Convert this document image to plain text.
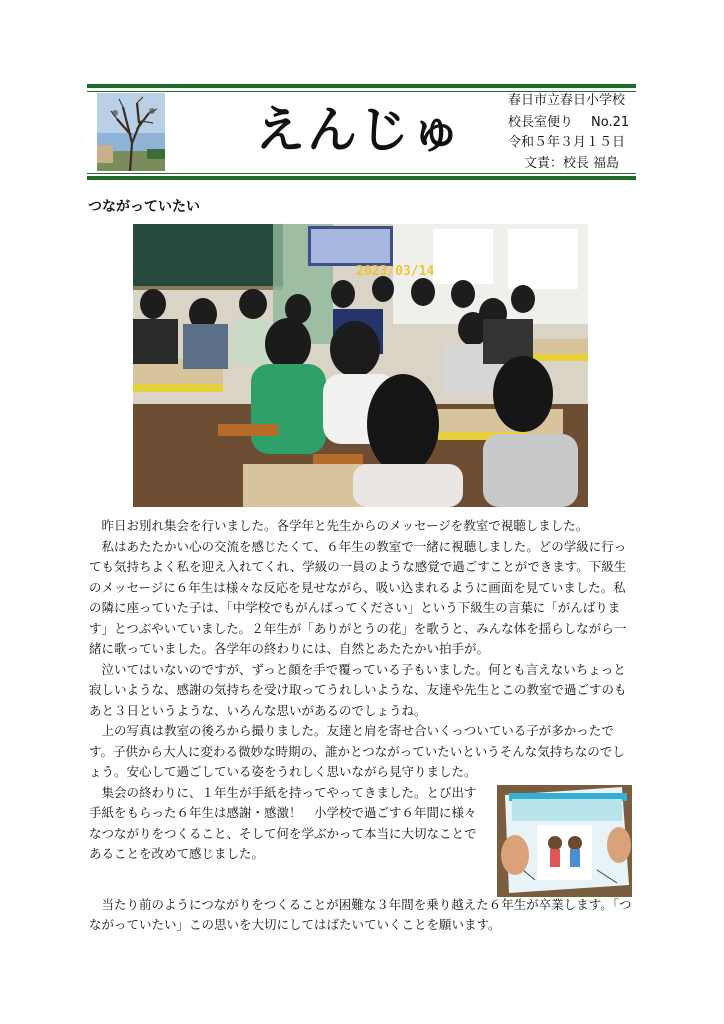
えんじゅ	春日市立春日小学校
校長室便り No.21
令和５年３月１５日
文責：校長 福島
つながっていたい
2023/03/14

昨日お別れ集会を行いました。各学年と先生からのメッセージを教室で視聴しました。

私はあたたかい心の交流を感じたくて、６年生の教室で一緒に視聴しました。どの学級に行っても気持ちよく私を迎え入れてくれ、学級の一員のような感覚で過ごすことができます。下級生のメッセージに６年生は様々な反応を見せながら、吸い込まれるように画面を見ていました。私の隣に座っていた子は、「中学校でもがんばってください」という下級生の言葉に「がんばります」とつぶやいていました。２年生が「ありがとうの花」を歌うと、みんな体を揺らしながら一緒に歌っていました。各学年の終わりには、自然とあたたかい拍手が。

泣いてはいないのですが、ずっと顔を手で覆っている子もいました。何とも言えないちょっと寂しいような、感謝の気持ちを受け取ってうれしいような、友達や先生とこの教室で過ごすのもあと３日というような、いろんな思いがあるのでしょうね。

上の写真は教室の後ろから撮りました。友達と肩を寄せ合いくっついている子が多かったです。子供から大人に変わる微妙な時期の、誰かとつながっていたいというそんな気持ちなのでしょう。安心して過ごしている姿をうれしく思いながら見守りました。

集会の終わりに、１年生が手紙を持ってやってきました。とび出す手紙をもらった６年生は感謝・感激！　小学校で過ごす６年間に様々なつながりをつくること、そして何を学ぶかって本当に大切なことであることを改めて感じました。

当たり前のようにつながりをつくることが困難な３年間を乗り越えた６年生が卒業します。「つながっていたい」この思いを大切にしてはばたいていくことを願います。
